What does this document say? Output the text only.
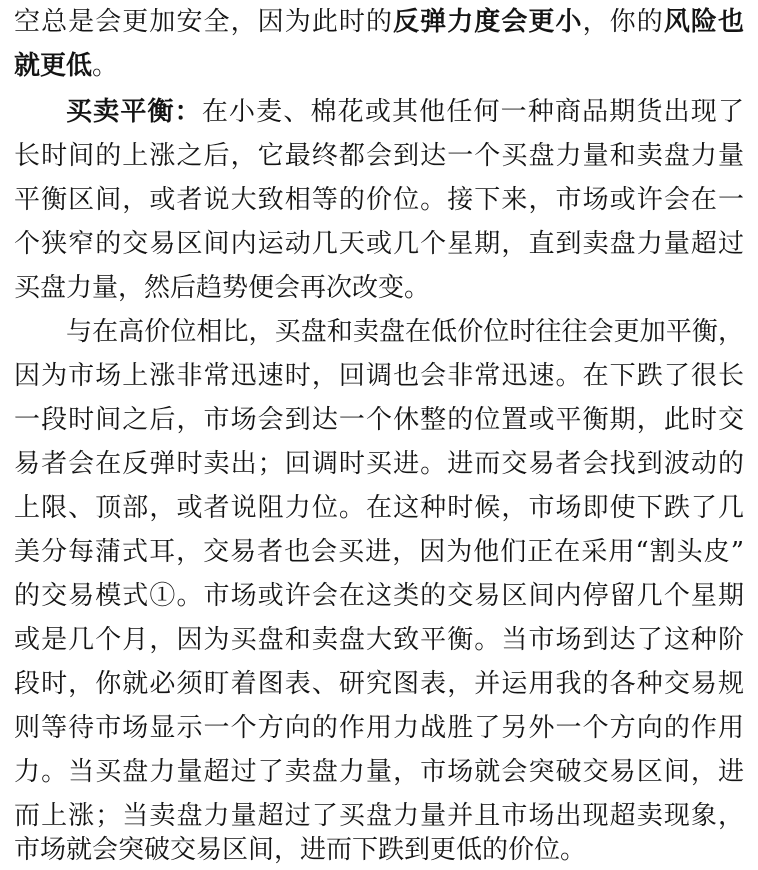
空总是会更加安全，因为此时的反弹力度会更小，你的风险也
就更低。
买卖平衡：在小麦、棉花或其他任何一种商品期货出现了
长时间的上涨之后，它最终都会到达一个买盘力量和卖盘力量
平衡区间，或者说大致相等的价位。接下来，市场或许会在一
个狭窄的交易区间内运动几天或几个星期，直到卖盘力量超过
买盘力量，然后趋势便会再次改变。
与在高价位相比，买盘和卖盘在低价位时往往会更加平衡，
因为市场上涨非常迅速时，回调也会非常迅速。在下跌了很长
一段时间之后，市场会到达一个休整的位置或平衡期，此时交
易者会在反弹时卖出；回调时买进。进而交易者会找到波动的
上限、顶部，或者说阻力位。在这种时候，市场即使下跌了几
美分每蒲式耳，交易者也会买进，因为他们正在采用“割头皮”
的交易模式①。市场或许会在这类的交易区间内停留几个星期
或是几个月，因为买盘和卖盘大致平衡。当市场到达了这种阶
段时，你就必须盯着图表、研究图表，并运用我的各种交易规
则等待市场显示一个方向的作用力战胜了另外一个方向的作用
力。当买盘力量超过了卖盘力量，市场就会突破交易区间，进
而上涨；当卖盘力量超过了买盘力量并且市场出现超卖现象，
市场就会突破交易区间，进而下跌到更低的价位。
